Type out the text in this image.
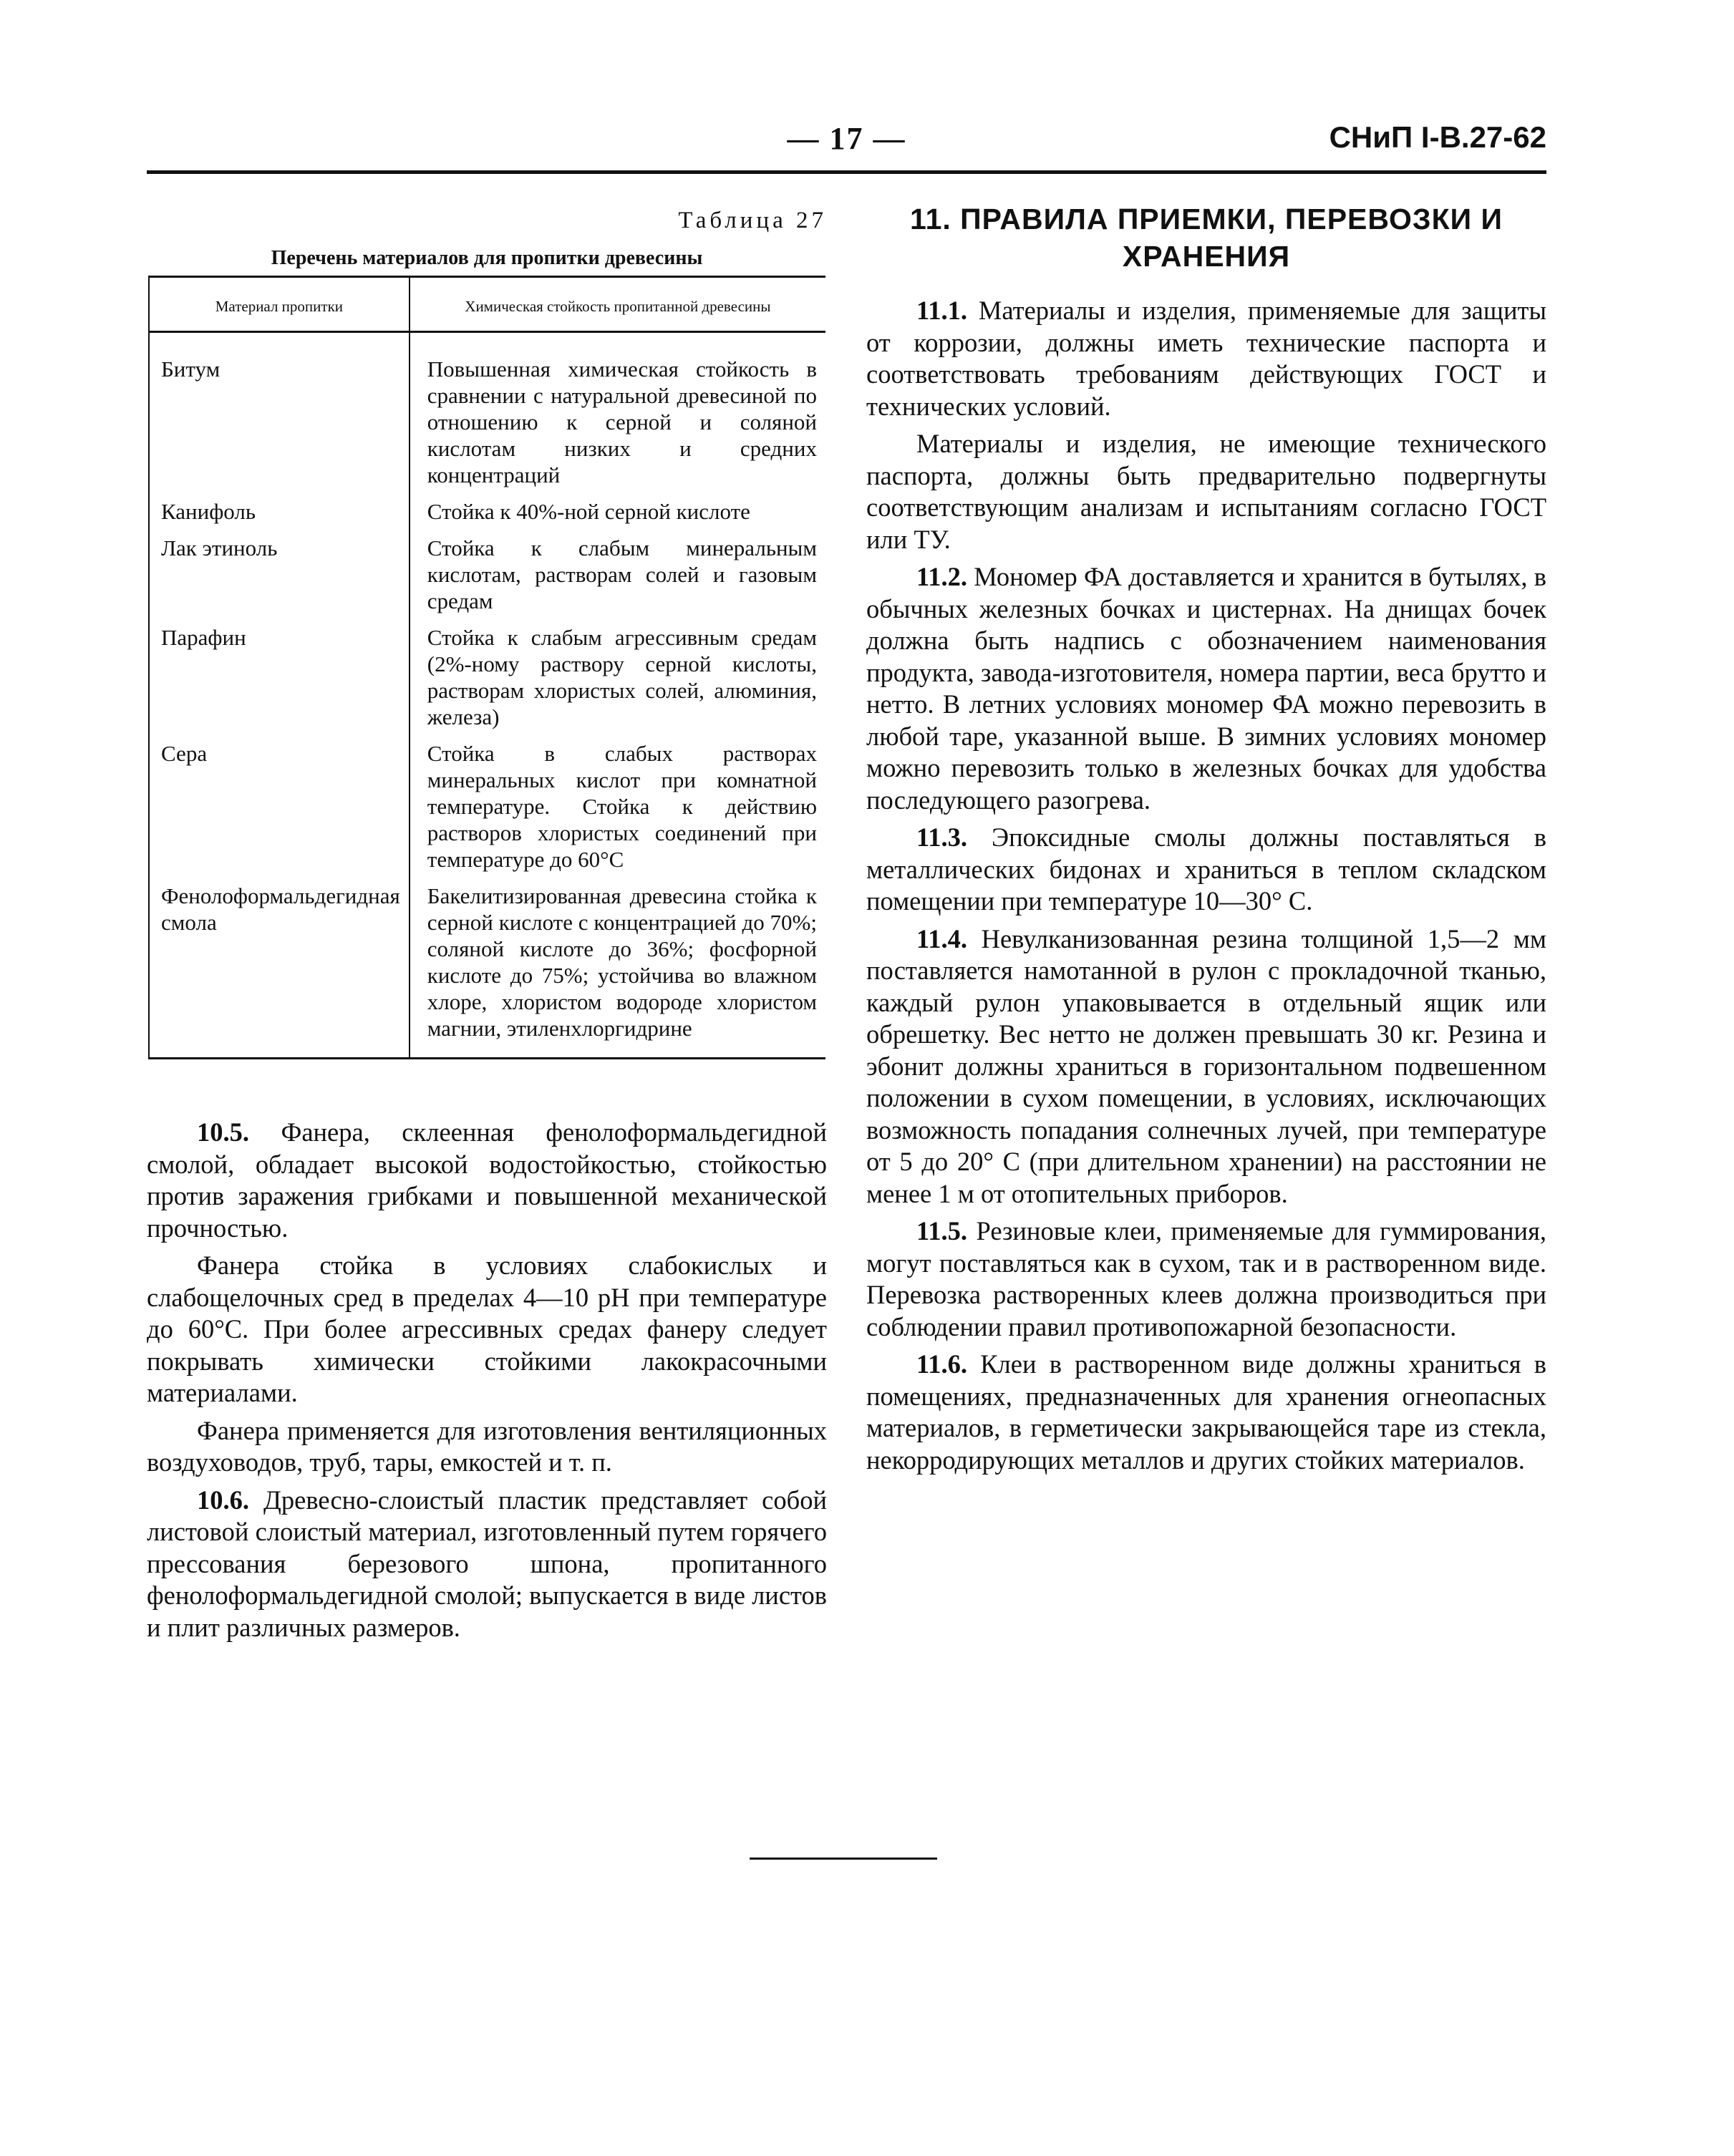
— 17 —	СНиП I-В.27-62
Таблица 27
Перечень материалов для пропитки древесины
Материал пропитки	Химическая стойкость пропитанной древесины
Битум	Повышенная химическая стойкость в сравнении с натуральной древесиной по отношению к серной и соляной кислотам низких и средних концентраций
Канифоль	Стойка к 40%-ной серной кислоте
Лак этиноль	Стойка к слабым минеральным кислотам, растворам солей и газовым средам
Парафин	Стойка к слабым агрессивным средам (2%-ному раствору серной кислоты, растворам хлористых солей, алюминия, железа)
Сера	Стойка в слабых растворах минеральных кислот при комнатной температуре. Стойка к действию растворов хлористых соединений при температуре до 60°С
Фенолоформальдегидная смола	Бакелитизированная древесина стойка к серной кислоте с концентрацией до 70%; соляной кислоте до 36%; фосфорной кислоте до 75%; устойчива во влажном хлоре, хлористом водороде хлористом магнии, этиленхлоргидрине

10.5. Фанера, склеенная фенолоформальдегидной смолой, обладает высокой водостойкостью, стойкостью против заражения грибками и повышенной механической прочностью.

Фанера стойка в условиях слабокислых и слабощелочных сред в пределах 4—10 рН при температуре до 60°С. При более агрессивных средах фанеру следует покрывать химически стойкими лакокрасочными материалами.

Фанера применяется для изготовления вентиляционных воздуховодов, труб, тары, емкостей и т. п.

10.6. Древесно-слоистый пластик представляет собой листовой слоистый материал, изготовленный путем горячего прессования березового шпона, пропитанного фенолоформальдегидной смолой; выпускается в виде листов и плит различных размеров.

11. ПРАВИЛА ПРИЕМКИ, ПЕРЕВОЗКИ И ХРАНЕНИЯ

11.1. Материалы и изделия, применяемые для защиты от коррозии, должны иметь технические паспорта и соответствовать требованиям действующих ГОСТ и технических условий.

Материалы и изделия, не имеющие технического паспорта, должны быть предварительно подвергнуты соответствующим анализам и испытаниям согласно ГОСТ или ТУ.

11.2. Мономер ФА доставляется и хранится в бутылях, в обычных железных бочках и цистернах. На днищах бочек должна быть надпись с обозначением наименования продукта, завода-изготовителя, номера партии, веса брутто и нетто. В летних условиях мономер ФА можно перевозить в любой таре, указанной выше. В зимних условиях мономер можно перевозить только в железных бочках для удобства последующего разогрева.

11.3. Эпоксидные смолы должны поставляться в металлических бидонах и храниться в теплом складском помещении при температуре 10—30° С.

11.4. Невулканизованная резина толщиной 1,5—2 мм поставляется намотанной в рулон с прокладочной тканью, каждый рулон упаковывается в отдельный ящик или обрешетку. Вес нетто не должен превышать 30 кг. Резина и эбонит должны храниться в горизонтальном подвешенном положении в сухом помещении, в условиях, исключающих возможность попадания солнечных лучей, при температуре от 5 до 20° С (при длительном хранении) на расстоянии не менее 1 м от отопительных приборов.

11.5. Резиновые клеи, применяемые для гуммирования, могут поставляться как в сухом, так и в растворенном виде. Перевозка растворенных клеев должна производиться при соблюдении правил противопожарной безопасности.

11.6. Клеи в растворенном виде должны храниться в помещениях, предназначенных для хранения огнеопасных материалов, в герметически закрывающейся таре из стекла, некорродирующих металлов и других стойких материалов.
